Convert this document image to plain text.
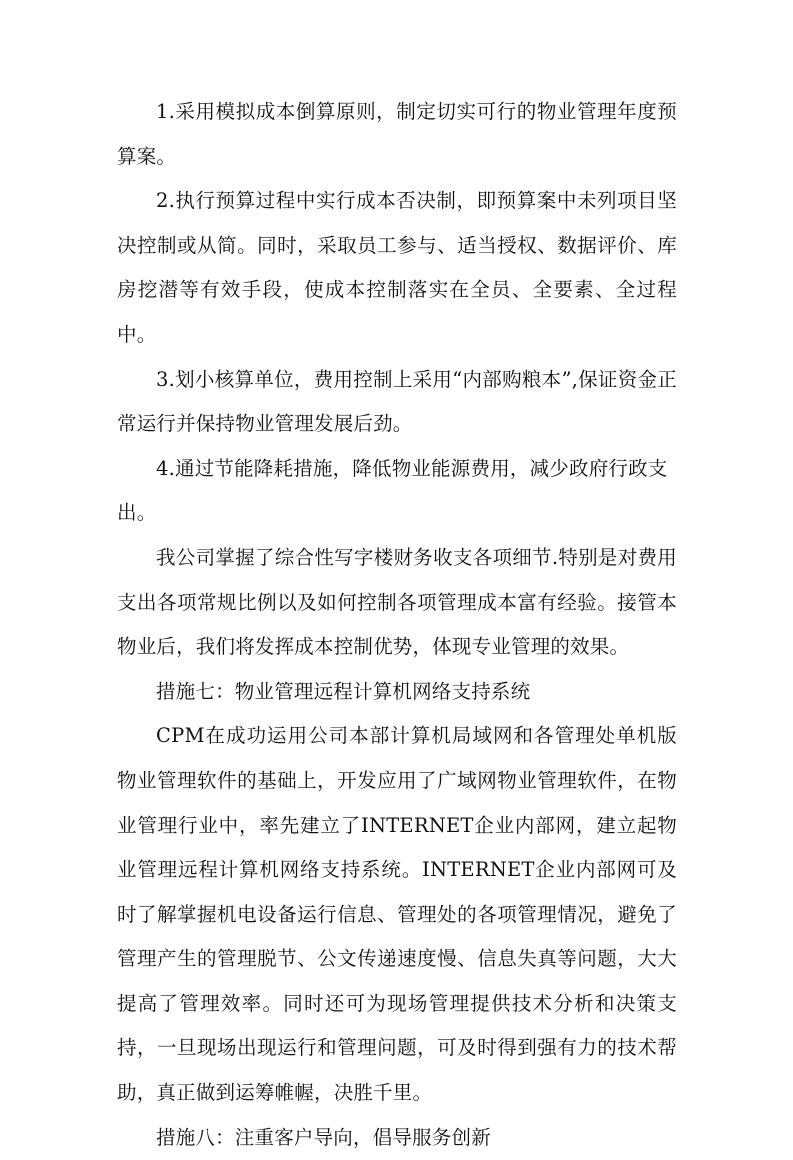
1.采用模拟成本倒算原则，制定切实可行的物业管理年度预算案。

2.执行预算过程中实行成本否决制，即预算案中未列项目坚决控制或从简。同时，采取员工参与、适当授权、数据评价、库房挖潜等有效手段，使成本控制落实在全员、全要素、全过程中。

3.划小核算单位，费用控制上采用“内部购粮本”,保证资金正常运行并保持物业管理发展后劲。

4.通过节能降耗措施，降低物业能源费用，减少政府行政支出。

我公司掌握了综合性写字楼财务收支各项细节.特别是对费用支出各项常规比例以及如何控制各项管理成本富有经验。接管本物业后，我们将发挥成本控制优势，体现专业管理的效果。

措施七：物业管理远程计算机网络支持系统

CPM在成功运用公司本部计算机局域网和各管理处单机版物业管理软件的基础上，开发应用了广域网物业管理软件，在物业管理行业中，率先建立了INTERNET企业内部网，建立起物业管理远程计算机网络支持系统。INTERNET企业内部网可及时了解掌握机电设备运行信息、管理处的各项管理情况，避免了管理产生的管理脱节、公文传递速度慢、信息失真等问题，大大提高了管理效率。同时还可为现场管理提供技术分析和决策支持，一旦现场出现运行和管理问题，可及时得到强有力的技术帮助，真正做到运筹帷幄，决胜千里。

措施八：注重客户导向，倡导服务创新
